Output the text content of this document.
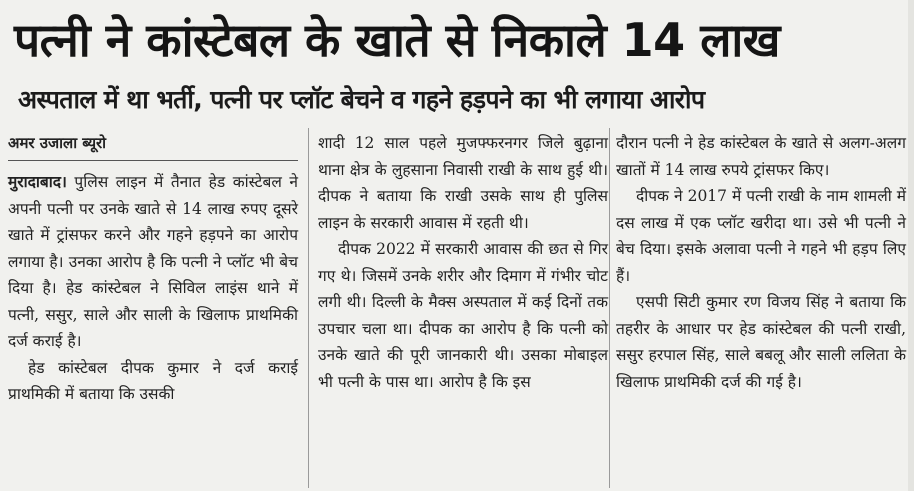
पत्नी ने कांस्टेबल के खाते से निकाले 14 लाख
अस्पताल में था भर्ती, पत्नी पर प्लॉट बेचने व गहने हड़पने का भी लगाया आरोप
अमर उजाला ब्यूरो

मुरादाबाद। पुलिस लाइन में तैनात हेड कांस्टेबल ने अपनी पत्नी पर उनके खाते से 14 लाख रुपए दूसरे खाते में ट्रांसफर करने और गहने हड़पने का आरोप लगाया है। उनका आरोप है कि पत्नी ने प्लॉट भी बेच दिया है। हेड कांस्टेबल ने सिविल लाइंस थाने में पत्नी, ससुर, साले और साली के खिलाफ प्राथमिकी दर्ज कराई है।

हेड कांस्टेबल दीपक कुमार ने दर्ज कराई प्राथमिकी में बताया कि उसकी

शादी 12 साल पहले मुजफ्फरनगर जिले बुढ़ाना थाना क्षेत्र के लुहसाना निवासी राखी के साथ हुई थी। दीपक ने बताया कि राखी उसके साथ ही पुलिस लाइन के सरकारी आवास में रहती थी।

दीपक 2022 में सरकारी आवास की छत से गिर गए थे। जिसमें उनके शरीर और दिमाग में गंभीर चोट लगी थी। दिल्ली के मैक्स अस्पताल में कई दिनों तक उपचार चला था। दीपक का आरोप है कि पत्नी को उनके खाते की पूरी जानकारी थी। उसका मोबाइल भी पत्नी के पास था। आरोप है कि इस

दौरान पत्नी ने हेड कांस्टेबल के खाते से अलग-अलग खातों में 14 लाख रुपये ट्रांसफर किए।

दीपक ने 2017 में पत्नी राखी के नाम शामली में दस लाख में एक प्लॉट खरीदा था। उसे भी पत्नी ने बेच दिया। इसके अलावा पत्नी ने गहने भी हड़प लिए हैं।

एसपी सिटी कुमार रण विजय सिंह ने बताया कि तहरीर के आधार पर हेड कांस्टेबल की पत्नी राखी, ससुर हरपाल सिंह, साले बबलू और साली ललिता के खिलाफ प्राथमिकी दर्ज की गई है।
